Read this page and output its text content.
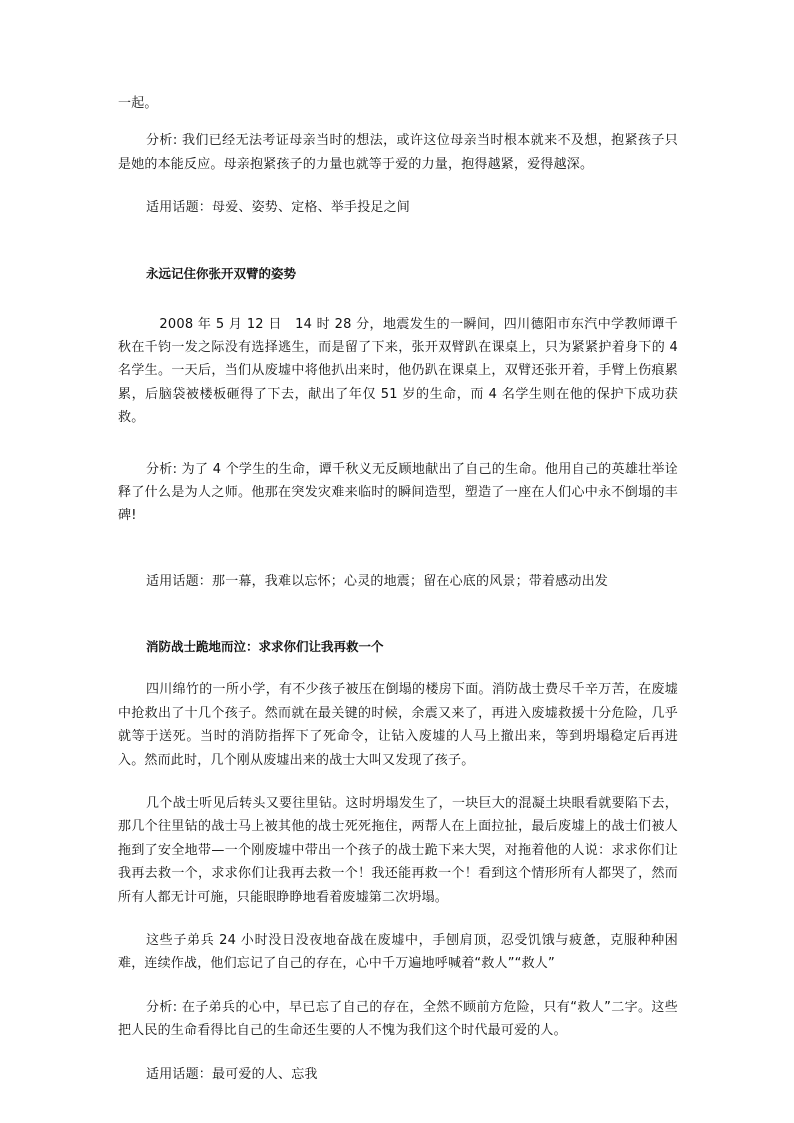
一起。

分析: 我们已经无法考证母亲当时的想法，或许这位母亲当时根本就来不及想，抱紧孩子只是她的本能反应。母亲抱紧孩子的力量也就等于爱的力量，抱得越紧，爱得越深。

适用话题：母爱、姿势、定格、举手投足之间

永远记住你张开双臂的姿势

　2008 年 5 月 12 日　14 时 28 分，地震发生的一瞬间，四川德阳市东汽中学教师谭千秋在千钧一发之际没有选择逃生，而是留了下来，张开双臂趴在课桌上，只为紧紧护着身下的 4 名学生。一天后，当们从废墟中将他扒出来时，他仍趴在课桌上，双臂还张开着，手臂上伤痕累累，后脑袋被楼板砸得了下去，献出了年仅 51 岁的生命，而 4 名学生则在他的保护下成功获救。

分析: 为了 4 个学生的生命，谭千秋义无反顾地献出了自己的生命。他用自己的英雄壮举诠释了什么是为人之师。他那在突发灾难来临时的瞬间造型，塑造了一座在人们心中永不倒塌的丰碑!

适用话题：那一幕，我难以忘怀；心灵的地震；留在心底的风景；带着感动出发

消防战士跪地而泣：求求你们让我再救一个

四川绵竹的一所小学，有不少孩子被压在倒塌的楼房下面。消防战士费尽千辛万苦，在废墟中抢救出了十几个孩子。然而就在最关键的时候，余震又来了，再进入废墟救援十分危险，几乎就等于送死。当时的消防指挥下了死命令，让钻入废墟的人马上撤出来，等到坍塌稳定后再进入。然而此时，几个刚从废墟出来的战士大叫又发现了孩子。

几个战士听见后转头又要往里钻。这时坍塌发生了，一块巨大的混凝土块眼看就要陷下去，那几个往里钻的战士马上被其他的战士死死拖住，两帮人在上面拉扯，最后废墟上的战士们被人拖到了安全地带—一个刚废墟中带出一个孩子的战士跪下来大哭，对拖着他的人说：求求你们让我再去救一个，求求你们让我再去救一个！我还能再救一个！看到这个情形所有人都哭了，然而所有人都无计可施，只能眼睁睁地看着废墟第二次坍塌。

这些子弟兵 24 小时没日没夜地奋战在废墟中，手刨肩顶，忍受饥饿与疲惫，克服种种困难，连续作战，他们忘记了自己的存在，心中千万遍地呼喊着“救人”“救人”

分析: 在子弟兵的心中，早已忘了自己的存在，全然不顾前方危险，只有“救人”二字。这些把人民的生命看得比自己的生命还生要的人不愧为我们这个时代最可爱的人。

适用话题：最可爱的人、忘我
